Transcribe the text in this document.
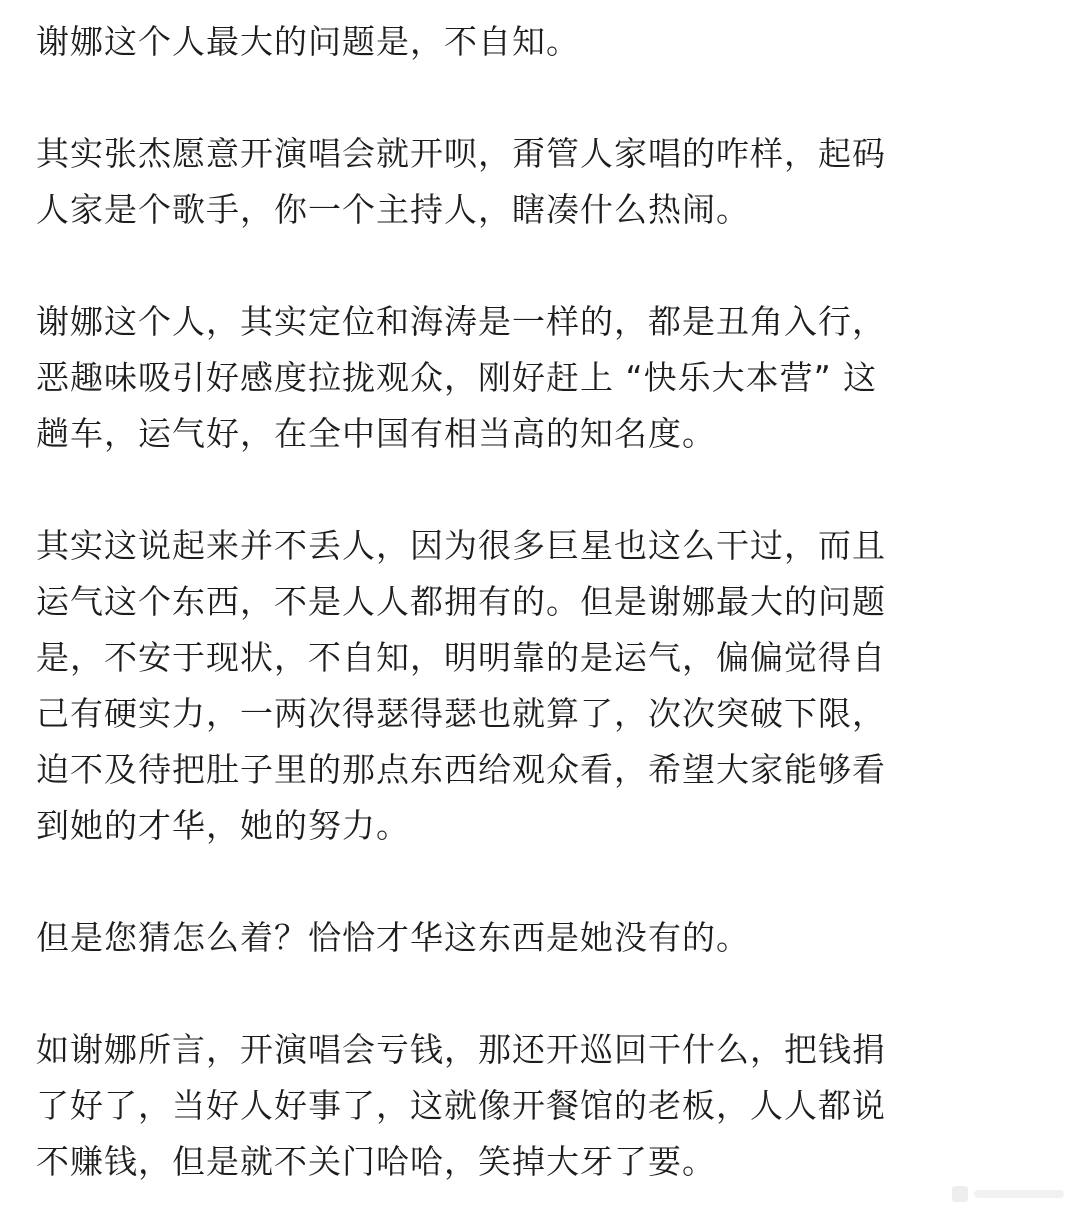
谢娜这个人最大的问题是，不自知。
其实张杰愿意开演唱会就开呗，甭管人家唱的咋样，起码
人家是个歌手，你一个主持人，瞎凑什么热闹。
谢娜这个人，其实定位和海涛是一样的，都是丑角入行，
恶趣味吸引好感度拉拢观众，刚好赶上 “快乐大本营” 这
趟车，运气好，在全中国有相当高的知名度。
其实这说起来并不丢人，因为很多巨星也这么干过，而且
运气这个东西，不是人人都拥有的。但是谢娜最大的问题
是，不安于现状，不自知，明明靠的是运气，偏偏觉得自
己有硬实力，一两次得瑟得瑟也就算了，次次突破下限，
迫不及待把肚子里的那点东西给观众看，希望大家能够看
到她的才华，她的努力。
但是您猜怎么着？恰恰才华这东西是她没有的。
如谢娜所言，开演唱会亏钱，那还开巡回干什么，把钱捐
了好了，当好人好事了，这就像开餐馆的老板，人人都说
不赚钱，但是就不关门哈哈，笑掉大牙了要。
